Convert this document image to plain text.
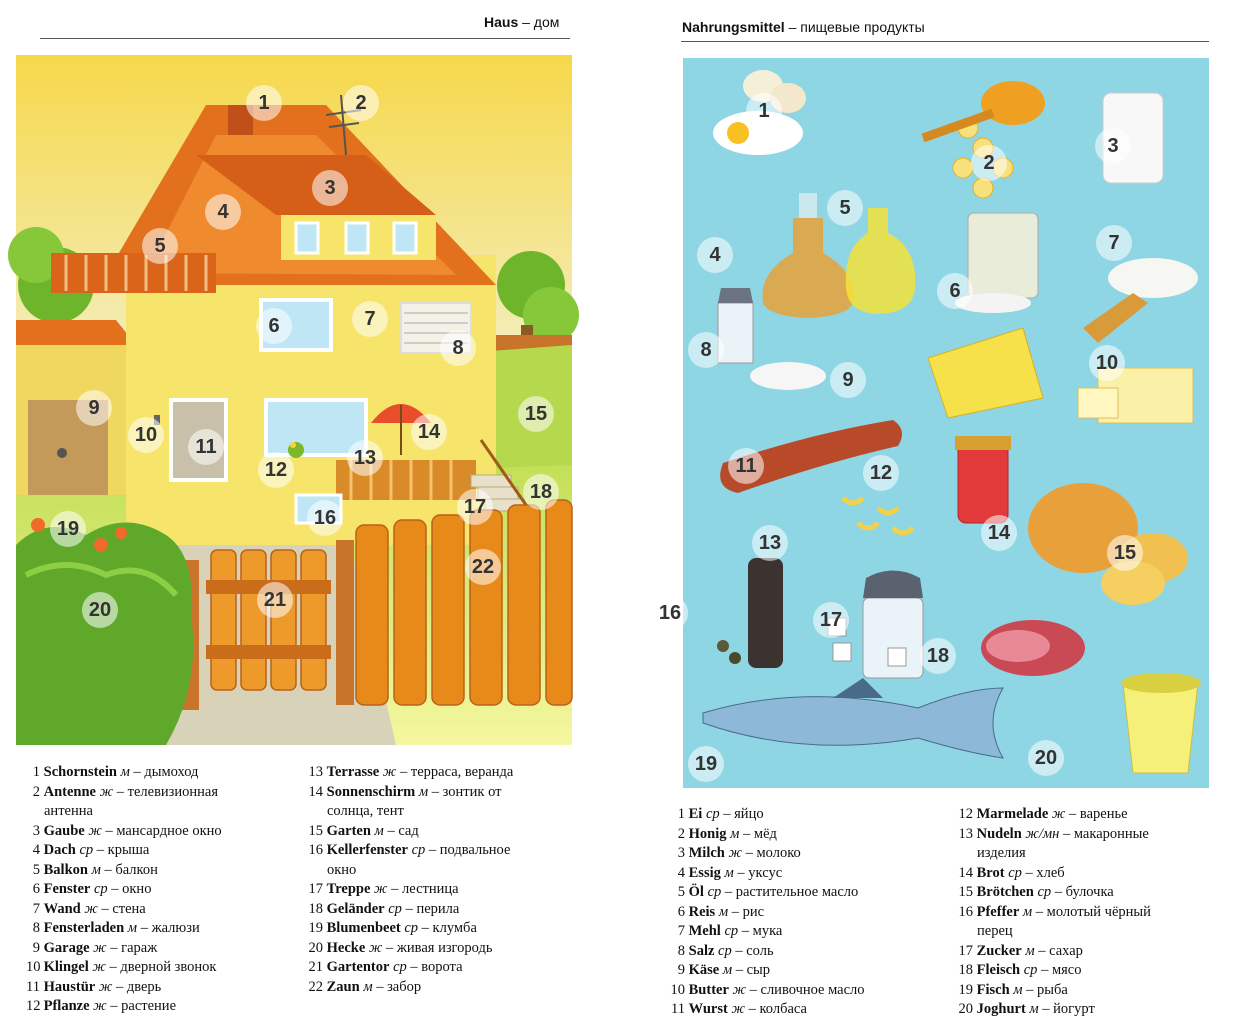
Haus – дом
1	2
3
4
5
6	7
8
9
10
11
12
13
14
15
16	17
18
19
20	21
22
1 Schornstein м – дымоход
2 Antenne ж – телевизионная
антенна
3 Gaube ж – мансардное окно
4 Dach ср – крыша
5 Balkon м – балкон
6 Fenster ср – окно
7 Wand ж – стена
8 Fensterladen м – жалюзи
9 Garage ж – гараж
10 Klingel ж – дверной звонок
11 Haustür ж – дверь
12 Pflanze ж – растение
13 Terrasse ж – терраса, веранда
14 Sonnenschirm м – зонтик от
солнца, тент
15 Garten м – сад
16 Kellerfenster ср – подвальное
окно
17 Treppe ж – лестница
18 Geländer ср – перила
19 Blumenbeet ср – клумба
20 Hecke ж – живая изгородь
21 Gartentor ср – ворота
22 Zaun м – забор
Nahrungsmittel – пищевые продукты
1
2
3
4
5
6
7
8
9
10
11	12
13	14
15
16	17
18
19	20
1 Ei ср – яйцо
2 Honig м – мёд
3 Milch ж – молоко
4 Essig м – уксус
5 Öl ср – растительное масло
6 Reis м – рис
7 Mehl ср – мука
8 Salz ср – соль
9 Käse м – сыр
10 Butter ж – сливочное масло
11 Wurst ж – колбаса
12 Marmelade ж – варенье
13 Nudeln ж/мн – макаронные
изделия
14 Brot ср – хлеб
15 Brötchen ср – булочка
16 Pfeffer м – молотый чёрный
перец
17 Zucker м – сахар
18 Fleisch ср – мясо
19 Fisch м – рыба
20 Joghurt м – йогурт
